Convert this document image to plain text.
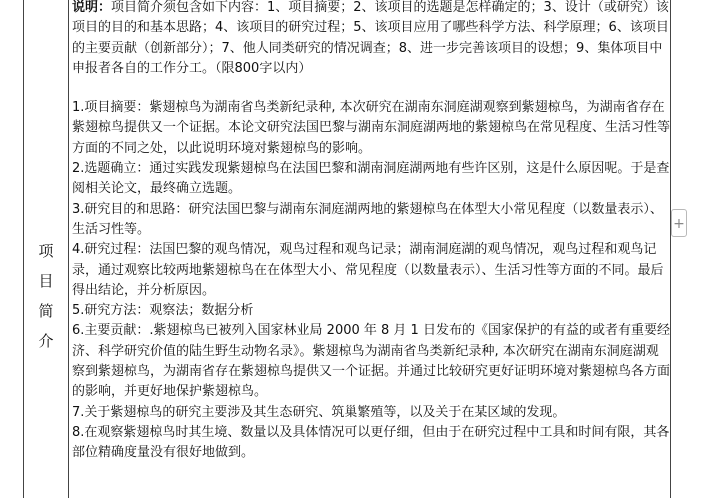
项
目
简
介

说明：项目简介须包含如下内容：1、项目摘要；2、该项目的选题是怎样确定的；3、设计（或研究）该项目的目的和基本思路；4、该项目的研究过程；5、该项目应用了哪些科学方法、科学原理；6、该项目的主要贡献（创新部分）；7、他人同类研究的情况调查；8、进一步完善该项目的设想；9、集体项目中申报者各自的工作分工。（限800字以内）

1.项目摘要：紫翅椋鸟为湖南省鸟类新纪录种, 本次研究在湖南东洞庭湖观察到紫翅椋鸟，为湖南省存在紫翅椋鸟提供又一个证据。本论文研究法国巴黎与湖南东洞庭湖两地的紫翅椋鸟在常见程度、生活习性等方面的不同之处，以此说明环境对紫翅椋鸟的影响。

2.选题确立：通过实践发现紫翅椋鸟在法国巴黎和湖南洞庭湖两地有些许区别，这是什么原因呢。于是查阅相关论文，最终确立选题。

3.研究目的和思路：研究法国巴黎与湖南东洞庭湖两地的紫翅椋鸟在体型大小常见程度（以数量表示）、生活习性等。

4.研究过程：法国巴黎的观鸟情况，观鸟过程和观鸟记录；湖南洞庭湖的观鸟情况，观鸟过程和观鸟记录，通过观察比较两地紫翅椋鸟在在体型大小、常见程度（以数量表示）、生活习性等方面的不同。最后得出结论，并分析原因。

5.研究方法：观察法；数据分析

6.主要贡献：.紫翅椋鸟已被列入国家林业局 2000 年 8 月 1 日发布的《国家保护的有益的或者有重要经济、科学研究价值的陆生野生动物名录》。紫翅椋鸟为湖南省鸟类新纪录种, 本次研究在湖南东洞庭湖观察到紫翅椋鸟，为湖南省存在紫翅椋鸟提供又一个证据。并通过比较研究更好证明环境对紫翅椋鸟各方面的影响，并更好地保护紫翅椋鸟。

7.关于紫翅椋鸟的研究主要涉及其生态研究、筑巢繁殖等，以及关于在某区域的发现。

8.在观察紫翅椋鸟时其生境、数量以及具体情况可以更仔细，但由于在研究过程中工具和时间有限，其各部位精确度量没有很好地做到。

+
